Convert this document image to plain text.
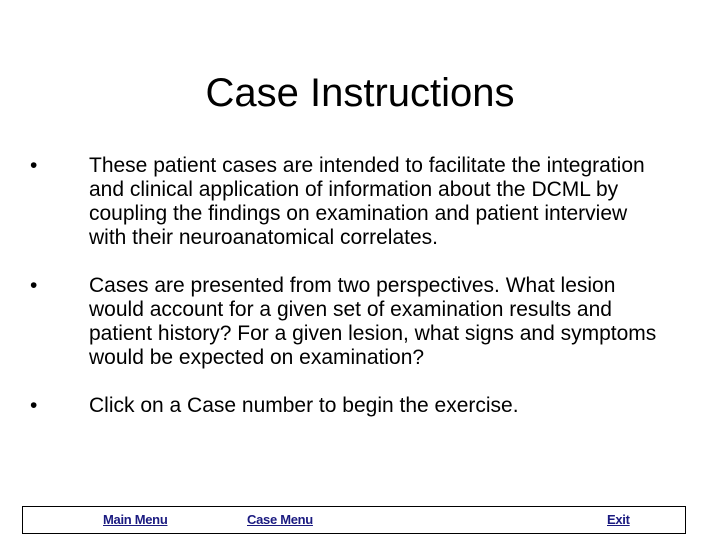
Case Instructions
•	These patient cases are intended to facilitate the integration and clinical application of information about the DCML by coupling the findings on examination and patient interview with their neuroanatomical correlates.
•	Cases are presented from two perspectives. What lesion would account for a given set of examination results and patient history? For a given lesion, what signs and symptoms would be expected on examination?
•	Click on a Case number to begin the exercise.
Main Menu	Case Menu	Exit
